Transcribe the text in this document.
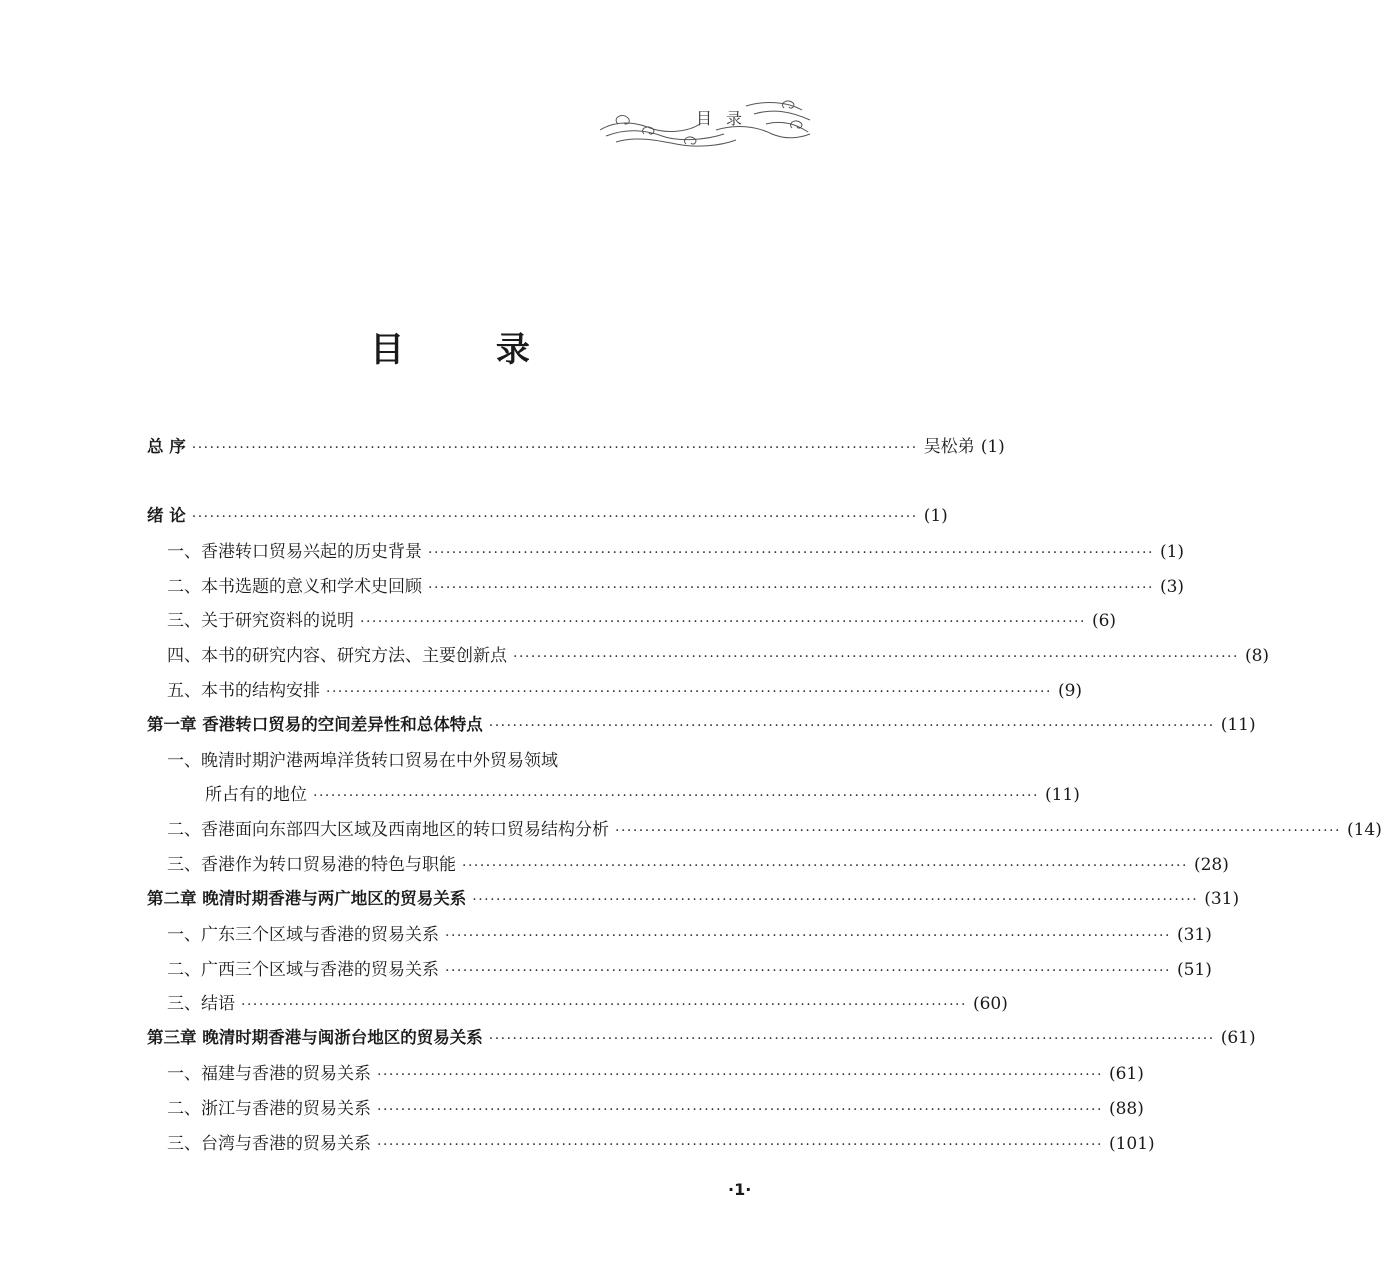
目录
目 录
总 序 ·························································································································· 吴松弟 (1)
绪 论 ·························································································································· (1)
一、香港转口贸易兴起的历史背景 ·························································································································· (1)
二、本书选题的意义和学术史回顾 ·························································································································· (3)
三、关于研究资料的说明 ·························································································································· (6)
四、本书的研究内容、研究方法、主要创新点 ·························································································································· (8)
五、本书的结构安排 ·························································································································· (9)
第一章 香港转口贸易的空间差异性和总体特点 ·························································································································· (11)
一、晚清时期沪港两埠洋货转口贸易在中外贸易领域
所占有的地位 ·························································································································· (11)
二、香港面向东部四大区域及西南地区的转口贸易结构分析 ·························································································································· (14)
三、香港作为转口贸易港的特色与职能 ·························································································································· (28)
第二章 晚清时期香港与两广地区的贸易关系 ·························································································································· (31)
一、广东三个区域与香港的贸易关系 ·························································································································· (31)
二、广西三个区域与香港的贸易关系 ·························································································································· (51)
三、结语 ·························································································································· (60)
第三章 晚清时期香港与闽浙台地区的贸易关系 ·························································································································· (61)
一、福建与香港的贸易关系 ·························································································································· (61)
二、浙江与香港的贸易关系 ·························································································································· (88)
三、台湾与香港的贸易关系 ·························································································································· (101)
·1·
